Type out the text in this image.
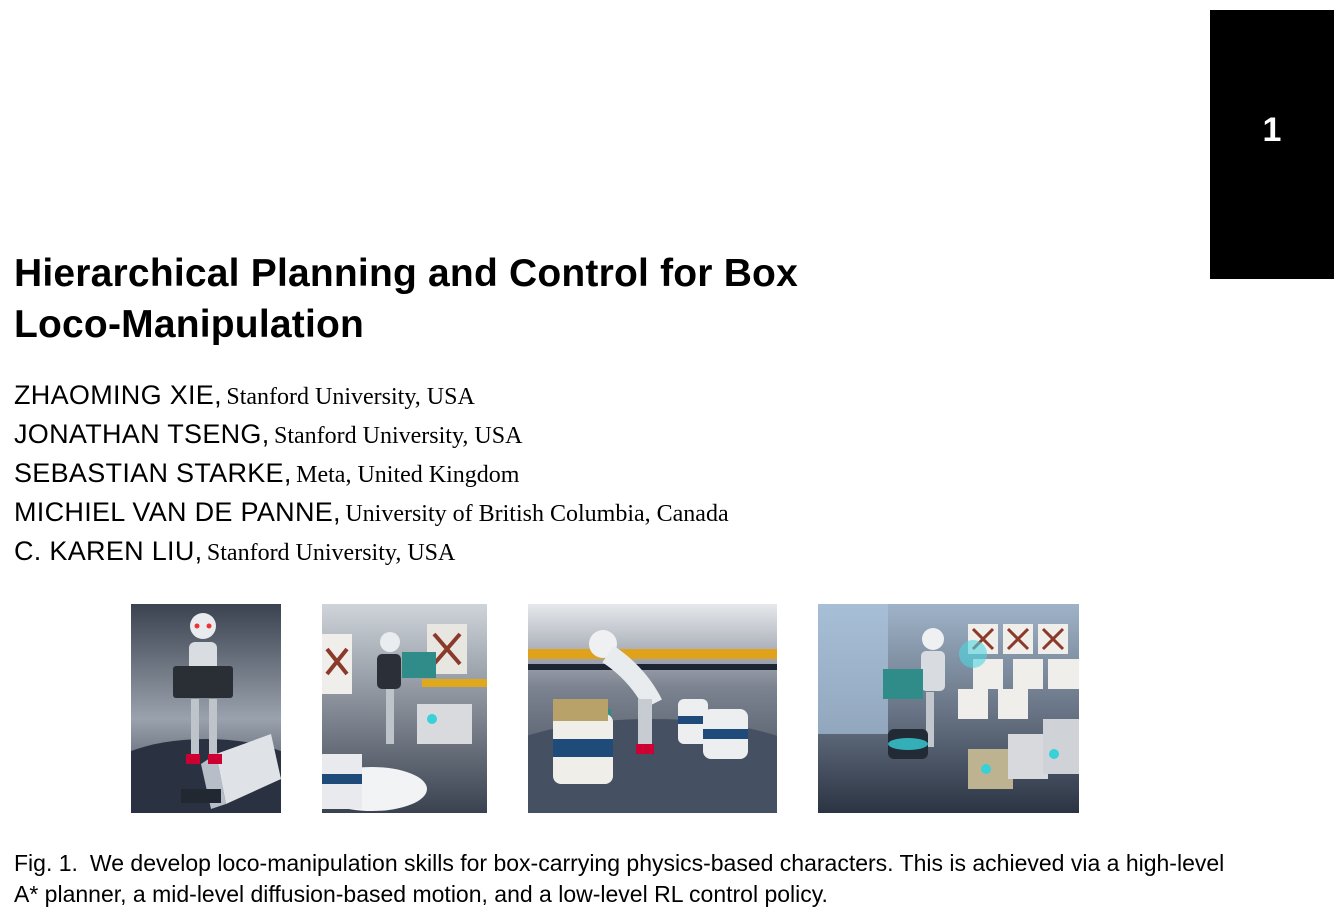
1
Hierarchical Planning and Control for Box
Loco-Manipulation
ZHAOMING XIE, Stanford University, USA
JONATHAN TSENG, Stanford University, USA
SEBASTIAN STARKE, Meta, United Kingdom
MICHIEL VAN DE PANNE, University of British Columbia, Canada
C. KAREN LIU, Stanford University, USA

Fig. 1. We develop loco-manipulation skills for box-carrying physics-based characters. This is achieved via a high-level A* planner, a mid-level diffusion-based motion, and a low-level RL control policy.
